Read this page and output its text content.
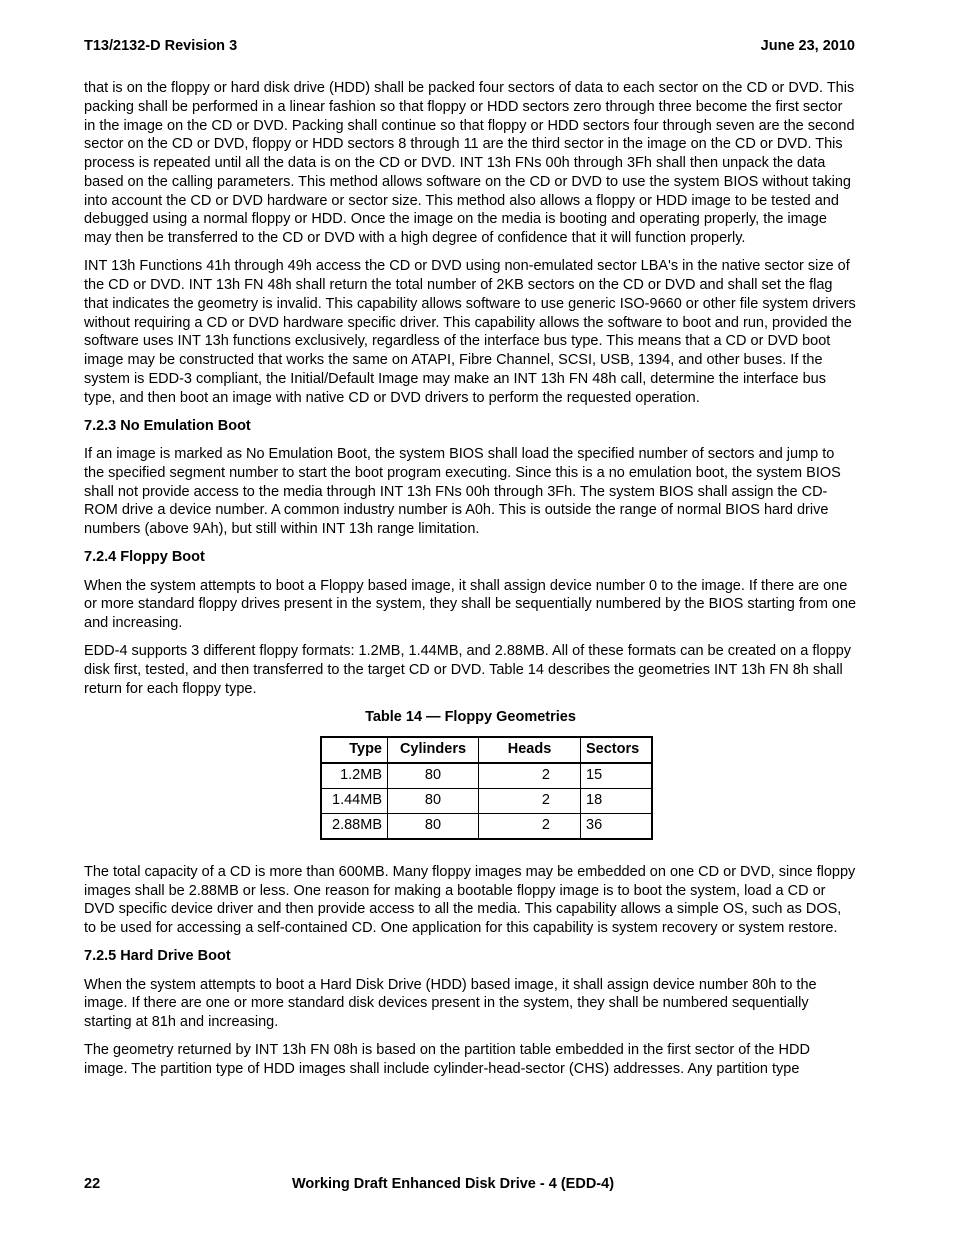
T13/2132-D Revision 3	June 23, 2010

that is on the floppy or hard disk drive (HDD) shall be packed four sectors of data to each sector on the CD or DVD. This packing shall be performed in a linear fashion so that floppy or HDD sectors zero through three become the first sector in the image on the CD or DVD. Packing shall continue so that floppy or HDD sectors four through seven are the second sector on the CD or DVD, floppy or HDD sectors 8 through 11 are the third sector in the image on the CD or DVD. This process is repeated until all the data is on the CD or DVD. INT 13h FNs 00h through 3Fh shall then unpack the data based on the calling parameters. This method allows software on the CD or DVD to use the system BIOS without taking into account the CD or DVD hardware or sector size. This method also allows a floppy or HDD image to be tested and debugged using a normal floppy or HDD. Once the image on the media is booting and operating properly, the image may then be transferred to the CD or DVD with a high degree of confidence that it will function properly.

INT 13h Functions 41h through 49h access the CD or DVD using non-emulated sector LBA's in the native sector size of the CD or DVD. INT 13h FN 48h shall return the total number of 2KB sectors on the CD or DVD and shall set the flag that indicates the geometry is invalid. This capability allows software to use generic ISO-9660 or other file system drivers without requiring a CD or DVD hardware specific driver. This capability allows the software to boot and run, provided the software uses INT 13h functions exclusively, regardless of the interface bus type. This means that a CD or DVD boot image may be constructed that works the same on ATAPI, Fibre Channel, SCSI, USB, 1394, and other buses. If the system is EDD-3 compliant, the Initial/Default Image may make an INT 13h FN 48h call, determine the interface bus type, and then boot an image with native CD or DVD drivers to perform the requested operation.

7.2.3 No Emulation Boot

If an image is marked as No Emulation Boot, the system BIOS shall load the specified number of sectors and jump to the specified segment number to start the boot program executing. Since this is a no emulation boot, the system BIOS shall not provide access to the media through INT 13h FNs 00h through 3Fh. The system BIOS shall assign the CD-ROM drive a device number. A common industry number is A0h. This is outside the range of normal BIOS hard drive numbers (above 9Ah), but still within INT 13h range limitation.

7.2.4 Floppy Boot

When the system attempts to boot a Floppy based image, it shall assign device number 0 to the image. If there are one or more standard floppy drives present in the system, they shall be sequentially numbered by the BIOS starting from one and increasing.

EDD-4 supports 3 different floppy formats: 1.2MB, 1.44MB, and 2.88MB. All of these formats can be created on a floppy disk first, tested, and then transferred to the target CD or DVD. Table 14 describes the geometries INT 13h FN 8h shall return for each floppy type.

Table 14 — Floppy Geometries

Type	Cylinders	Heads	Sectors
1.2MB	80	2	15
1.44MB	80	2	18
2.88MB	80	2	36

The total capacity of a CD is more than 600MB. Many floppy images may be embedded on one CD or DVD, since floppy images shall be 2.88MB or less. One reason for making a bootable floppy image is to boot the system, load a CD or DVD specific device driver and then provide access to all the media. This capability allows a simple OS, such as DOS, to be used for accessing a self-contained CD. One application for this capability is system recovery or system restore.

7.2.5 Hard Drive Boot

When the system attempts to boot a Hard Disk Drive (HDD) based image, it shall assign device number 80h to the image. If there are one or more standard disk devices present in the system, they shall be numbered sequentially starting at 81h and increasing.

The geometry returned by INT 13h FN 08h is based on the partition table embedded in the first sector of the HDD image. The partition type of HDD images shall include cylinder-head-sector (CHS) addresses. Any partition type

22	Working Draft Enhanced Disk Drive - 4 (EDD-4)
